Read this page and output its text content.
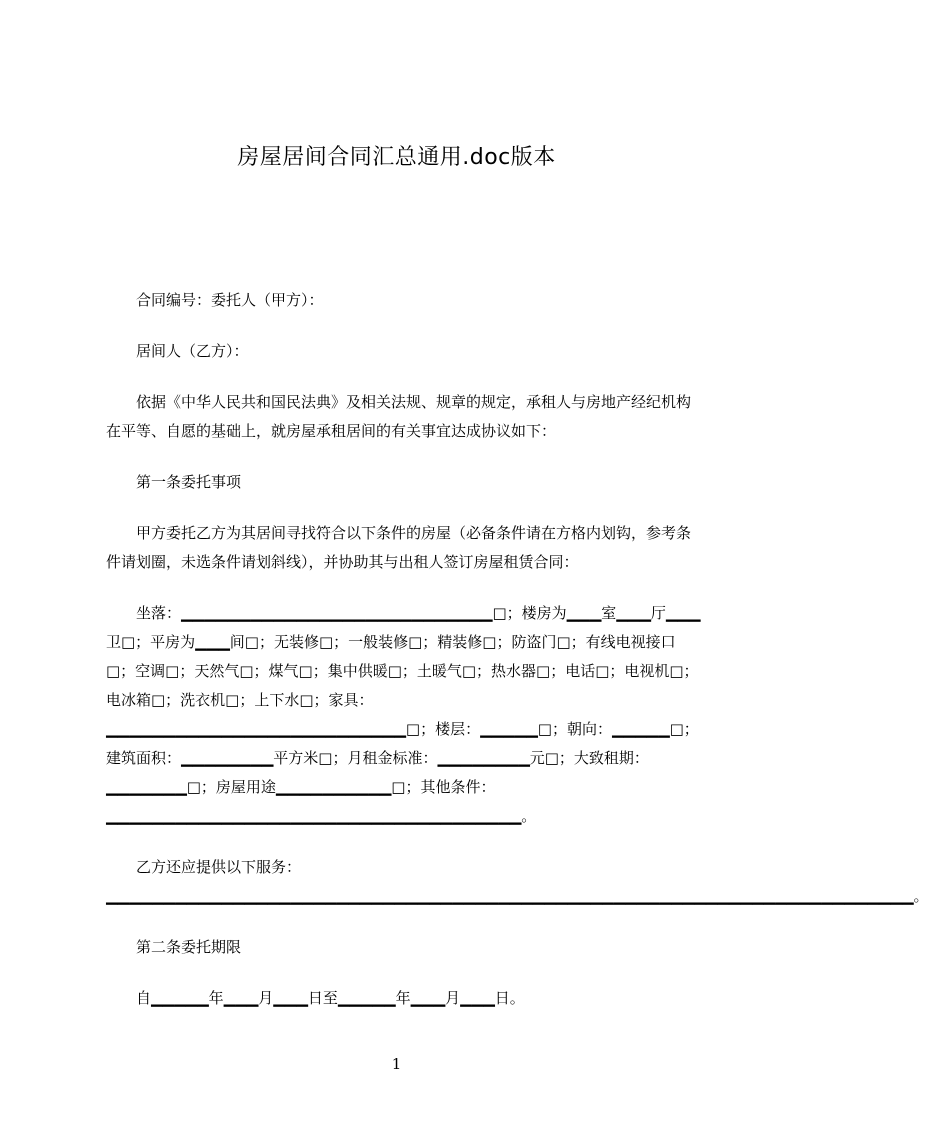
房屋居间合同汇总通用.doc版本

合同编号：委托人（甲方）：

居间人（乙方）：

依据《中华人民共和国民法典》及相关法规、规章的规定，承租人与房地产经纪机构在平等、自愿的基础上，就房屋承租居间的有关事宜达成协议如下：

第一条委托事项

甲方委托乙方为其居间寻找符合以下条件的房屋（必备条件请在方格内划钩，参考条件请划圈，未选条件请划斜线），并协助其与出租人签订房屋租赁合同：

坐落：▁▁▁▁▁▁▁▁▁▁▁▁▁▁▁▁▁▁▁▁▁▁▁▁▁▁▁□；楼房为▁▁▁室▁▁▁厅▁▁▁卫□；平房为▁▁▁间□；无装修□；一般装修□；精装修□；防盗门□；有线电视接口□；空调□；天然气□；煤气□；集中供暖□；土暖气□；热水器□；电话□；电视机□；电冰箱□；洗衣机□；上下水□；家具：▁▁▁▁▁▁▁▁▁▁▁▁▁▁▁▁▁▁▁▁▁▁▁▁▁▁□；楼层：▁▁▁▁▁□；朝向：▁▁▁▁▁□；建筑面积：▁▁▁▁▁▁▁▁平方米□；月租金标准：▁▁▁▁▁▁▁▁元□；大致租期：▁▁▁▁▁▁▁□；房屋用途▁▁▁▁▁▁▁▁▁▁□；其他条件：▁▁▁▁▁▁▁▁▁▁▁▁▁▁▁▁▁▁▁▁▁▁▁▁▁▁▁▁▁▁▁▁▁▁▁▁。

乙方还应提供以下服务：▁▁▁▁▁▁▁▁▁▁▁▁▁▁▁▁▁▁▁▁▁▁▁▁▁▁▁▁▁▁▁▁▁▁▁▁▁▁▁▁▁▁▁▁▁▁▁▁▁▁▁▁▁▁▁▁▁▁▁▁▁▁▁▁▁▁▁▁▁▁。

第二条委托期限

自▁▁▁▁▁年▁▁▁月▁▁▁日至▁▁▁▁▁年▁▁▁月▁▁▁日。

1
